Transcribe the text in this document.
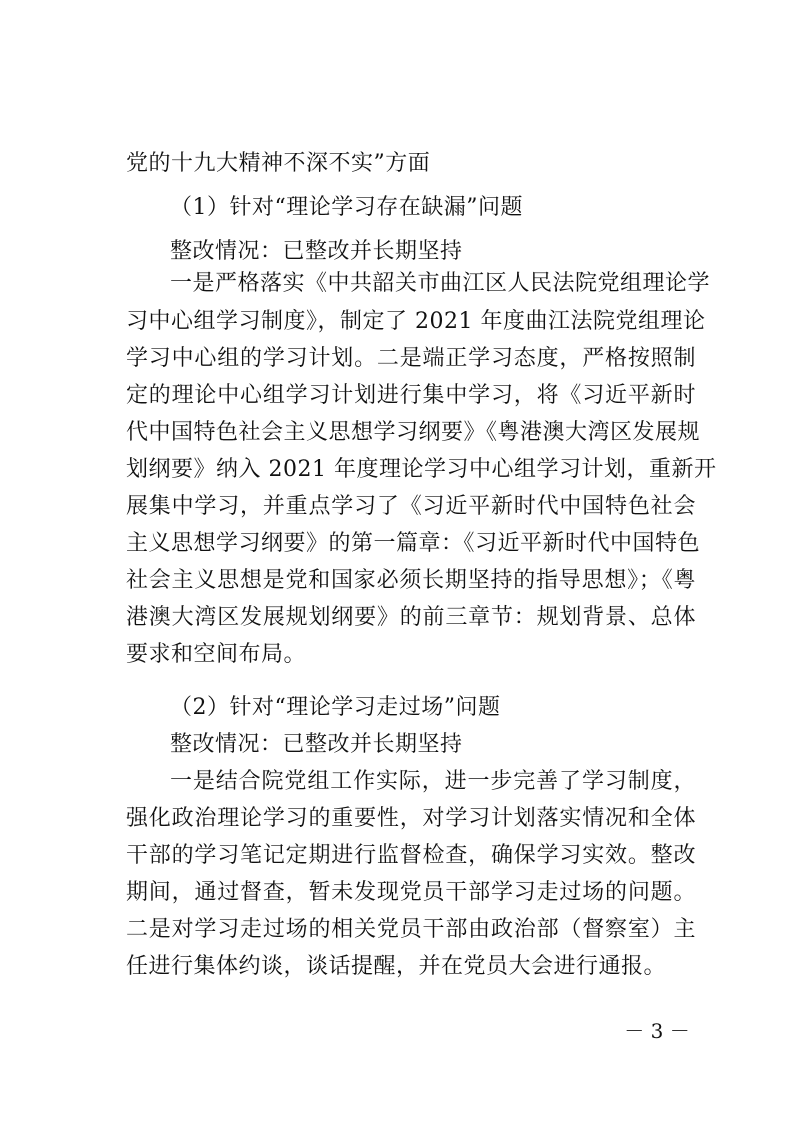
党的十九大精神不深不实”方面
（1）针对“理论学习存在缺漏”问题
整改情况：已整改并长期坚持
一是严格落实《中共韶关市曲江区人民法院党组理论学
习中心组学习制度》，制定了 2021 年度曲江法院党组理论
学习中心组的学习计划。二是端正学习态度，严格按照制
定的理论中心组学习计划进行集中学习，将《习近平新时
代中国特色社会主义思想学习纲要》《粤港澳大湾区发展规
划纲要》纳入 2021 年度理论学习中心组学习计划，重新开
展集中学习，并重点学习了《习近平新时代中国特色社会
主义思想学习纲要》的第一篇章：《习近平新时代中国特色
社会主义思想是党和国家必须长期坚持的指导思想》；《粤
港澳大湾区发展规划纲要》的前三章节：规划背景、总体
要求和空间布局。
（2）针对“理论学习走过场”问题
整改情况：已整改并长期坚持
一是结合院党组工作实际，进一步完善了学习制度，
强化政治理论学习的重要性，对学习计划落实情况和全体
干部的学习笔记定期进行监督检查，确保学习实效。整改
期间，通过督查，暂未发现党员干部学习走过场的问题。
二是对学习走过场的相关党员干部由政治部（督察室）主
任进行集体约谈，谈话提醒，并在党员大会进行通报。
－ 3 －
